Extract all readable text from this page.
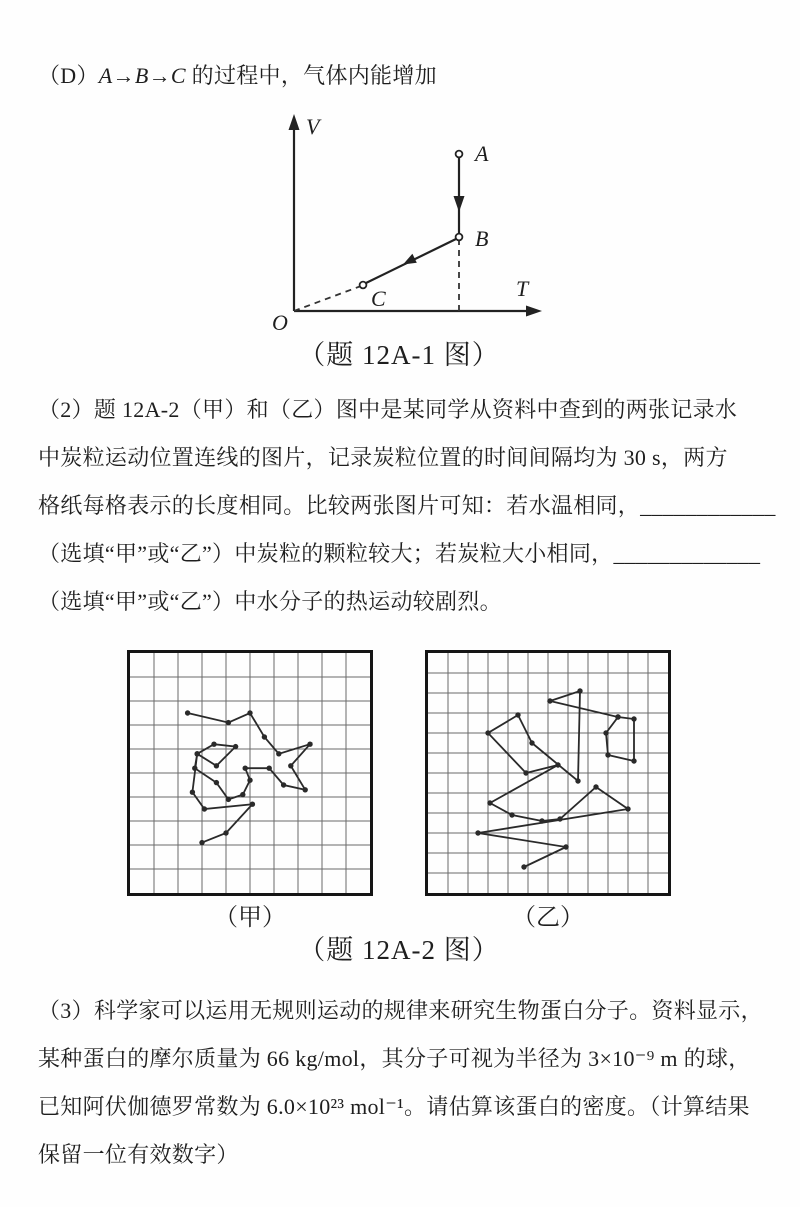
（D）A→B→C 的过程中，气体内能增加
V
T
O
A
B
C
（题 12A-1 图）
（2）题 12A-2（甲）和（乙）图中是某同学从资料中查到的两张记录水
中炭粒运动位置连线的图片，记录炭粒位置的时间间隔均为 30 s，两方
格纸每格表示的长度相同。比较两张图片可知：若水温相同，____________
（选填“甲”或“乙”）中炭粒的颗粒较大；若炭粒大小相同，_____________
（选填“甲”或“乙”）中水分子的热运动较剧烈。
（甲）	（乙）
（题 12A-2 图）
（3）科学家可以运用无规则运动的规律来研究生物蛋白分子。资料显示，
某种蛋白的摩尔质量为 66 kg/mol，其分子可视为半径为 3×10⁻⁹ m 的球，
已知阿伏伽德罗常数为 6.0×10²³ mol⁻¹。请估算该蛋白的密度。（计算结果
保留一位有效数字）
